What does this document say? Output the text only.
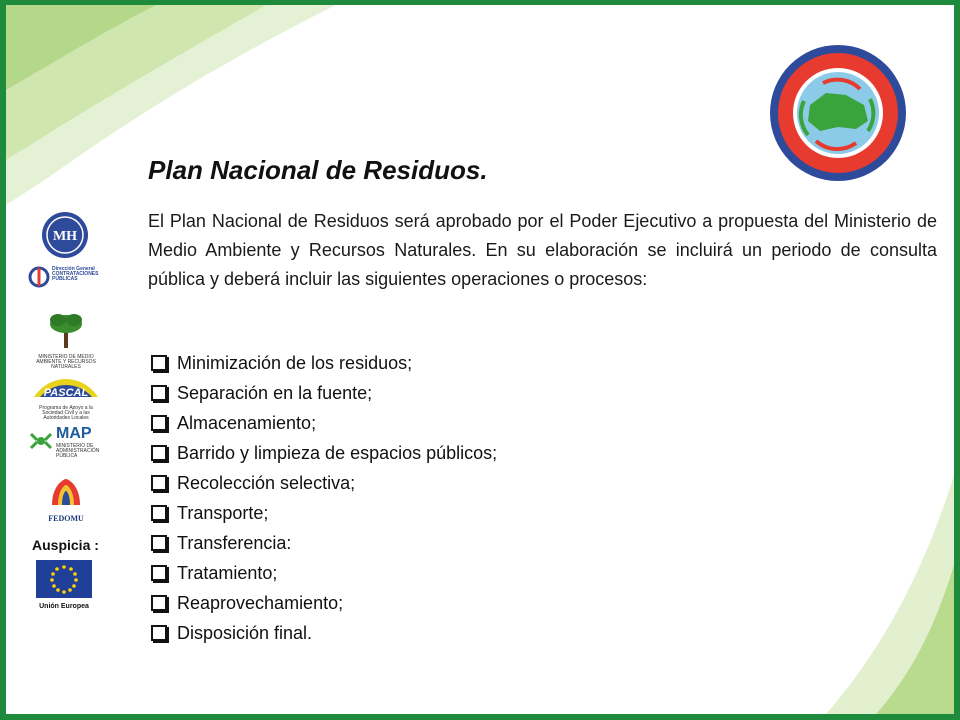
Plan Nacional de Residuos.

El Plan Nacional de Residuos será aprobado por el Poder Ejecutivo a propuesta del Ministerio de Medio Ambiente y Recursos Naturales. En su elaboración se incluirá un periodo de consulta pública y deberá incluir las siguientes operaciones o procesos:

Minimización de los residuos;
Separación en la fuente;
Almacenamiento;
Barrido y limpieza de espacios públicos;
Recolección selectiva;
Transporte;
Transferencia:
Tratamiento;
Reaprovechamiento;
Disposición final.
MH
Dirección General CONTRATACIONES PÚBLICAS
MINISTERIO DE MEDIO AMBIENTE Y RECURSOS NATURALES
PASCAL
Programa de Apoyo a la Sociedad Civil y a las Autoridades Locales
MAP
MINISTERIO DE ADMINISTRACIÓN PÚBLICA
FEDOMU
Auspicia :
Unión Europea
